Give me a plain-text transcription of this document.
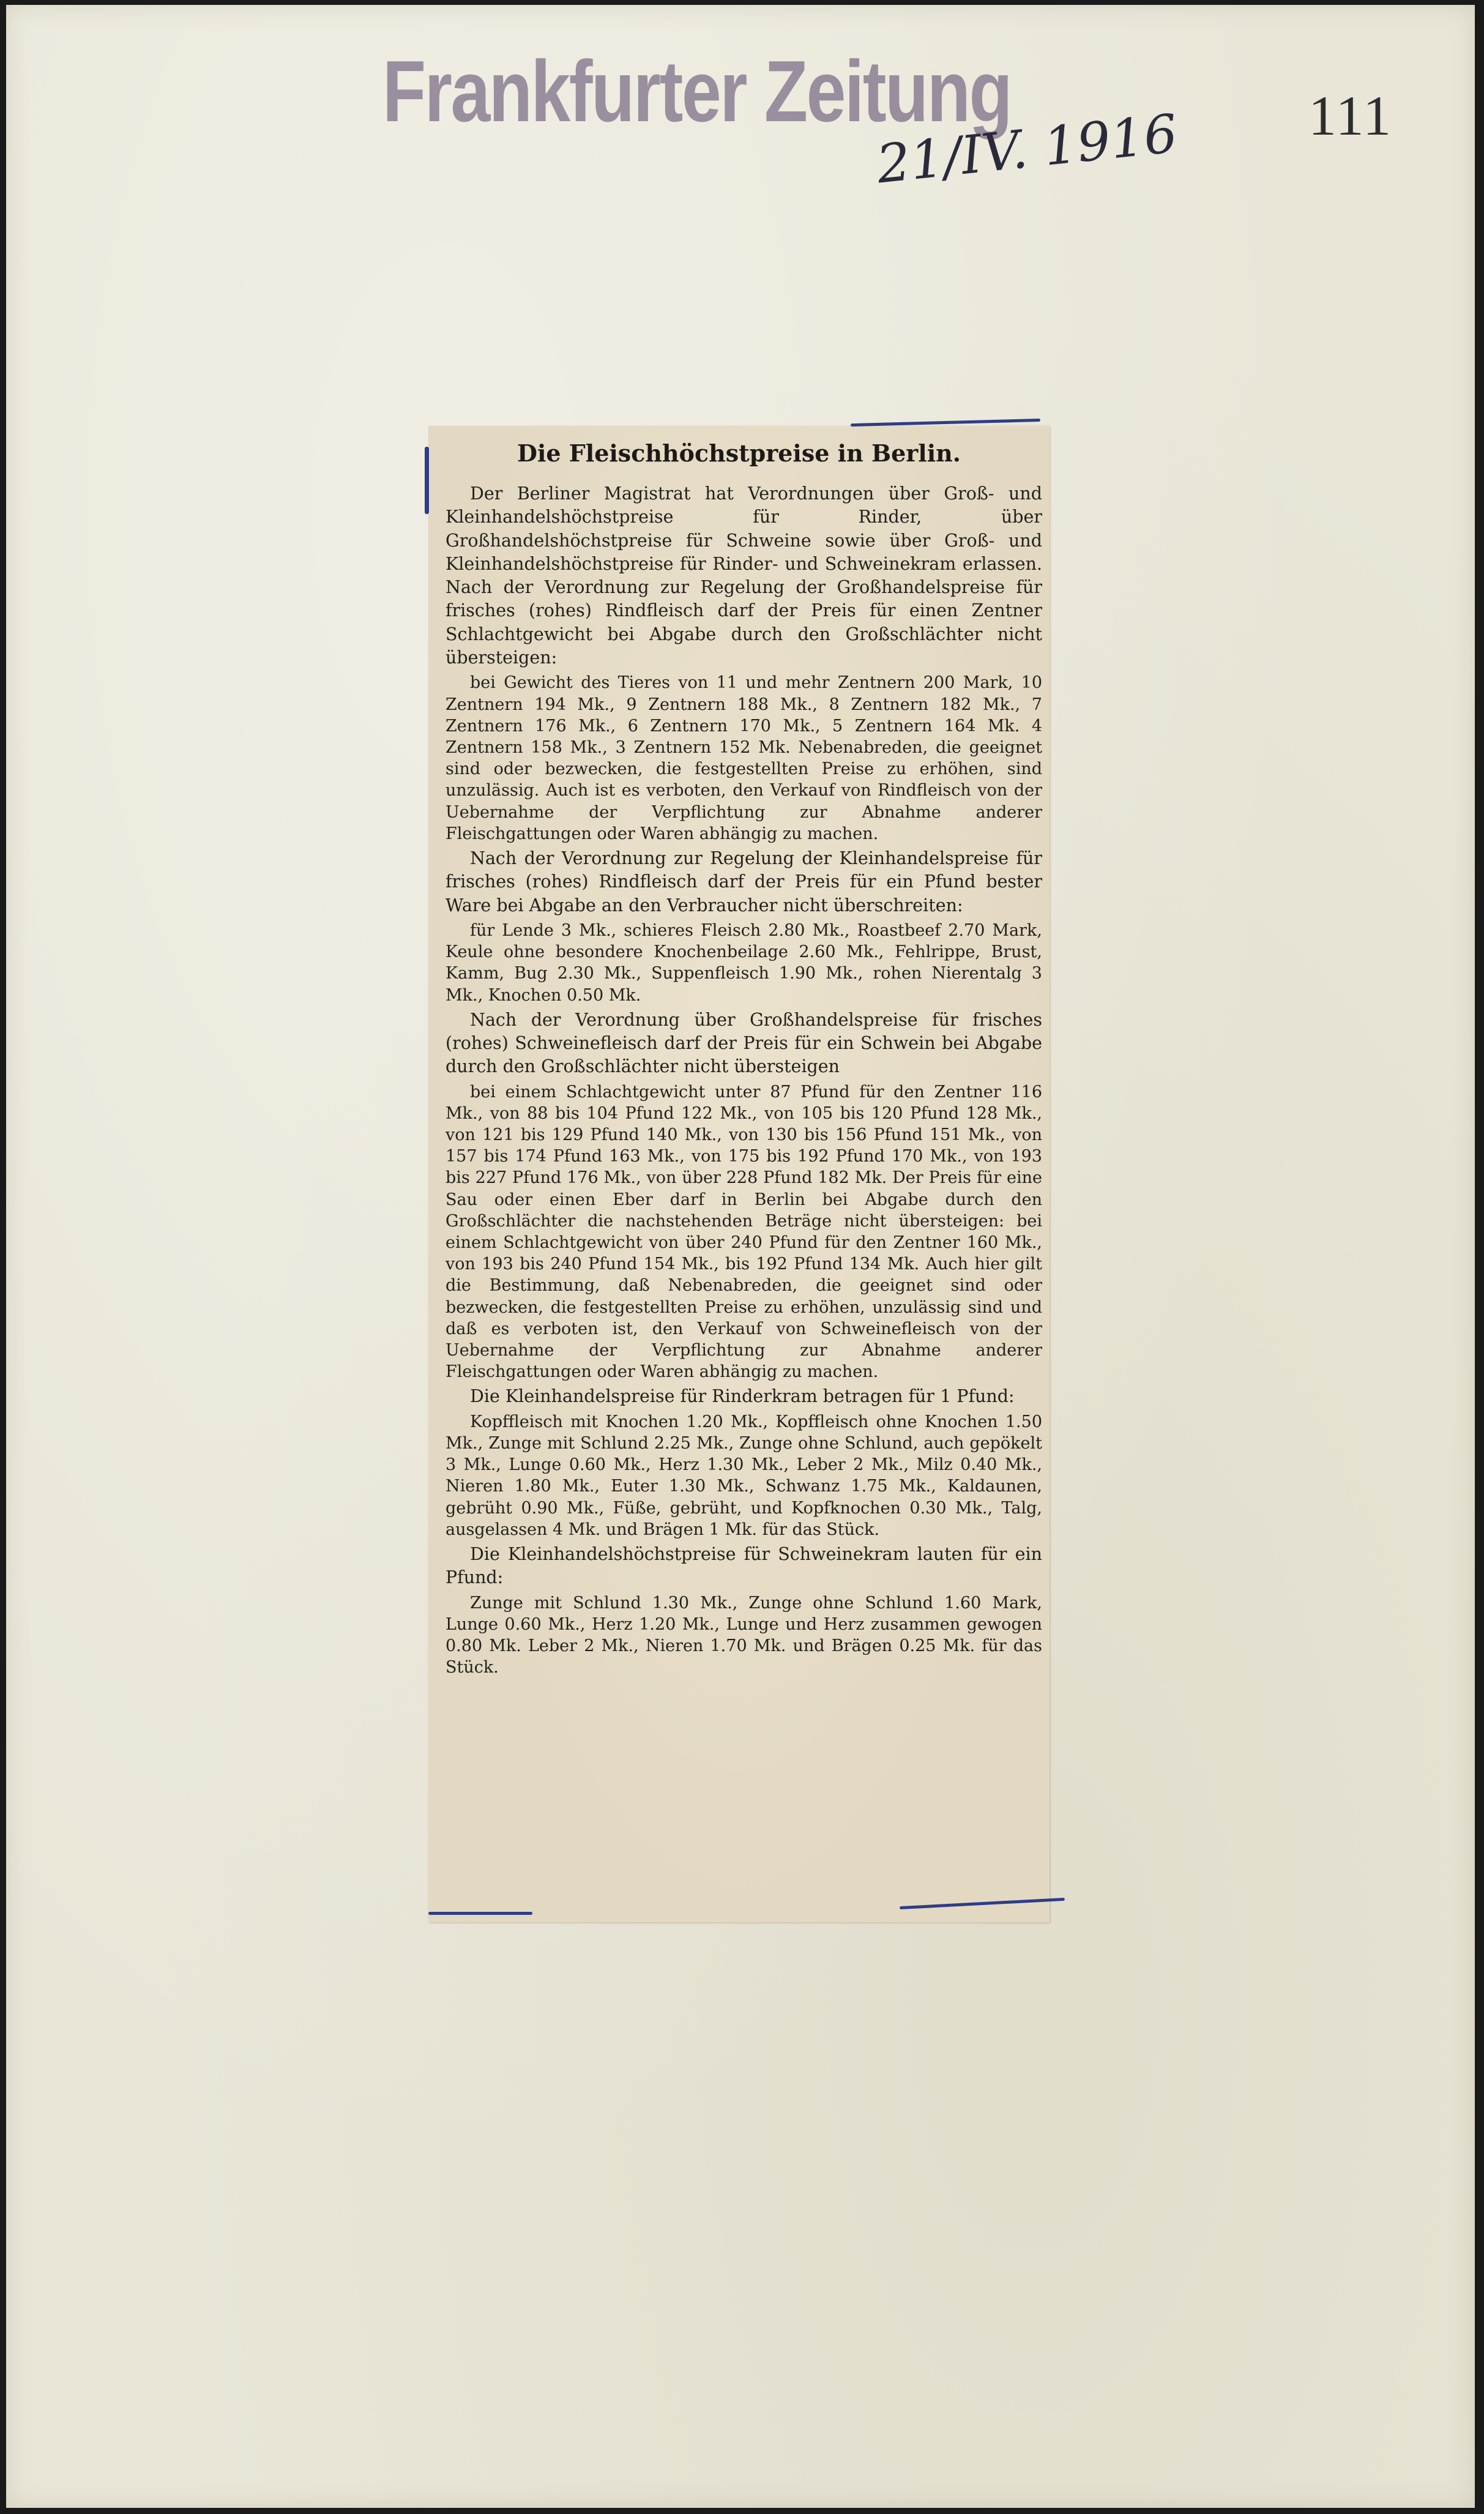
Frankfurter Zeitung	111
21/IV. 1916
Die Fleischhöchstpreise in Berlin.

Der Berliner Magistrat hat Verordnungen über Groß- und Kleinhandelshöchstpreise für Rinder, über Großhandelshöchstpreise für Schweine sowie über Groß- und Kleinhandelshöchstpreise für Rinder- und Schweinekram erlassen. Nach der Verordnung zur Regelung der Großhandelspreise für frisches (rohes) Rindfleisch darf der Preis für einen Zentner Schlachtgewicht bei Abgabe durch den Großschlächter nicht übersteigen:

bei Gewicht des Tieres von 11 und mehr Zentnern 200 Mark, 10 Zentnern 194 Mk., 9 Zentnern 188 Mk., 8 Zentnern 182 Mk., 7 Zentnern 176 Mk., 6 Zentnern 170 Mk., 5 Zentnern 164 Mk. 4 Zentnern 158 Mk., 3 Zentnern 152 Mk. Nebenabreden, die geeignet sind oder bezwecken, die festgestellten Preise zu erhöhen, sind unzulässig. Auch ist es verboten, den Verkauf von Rindfleisch von der Uebernahme der Verpflichtung zur Abnahme anderer Fleischgattungen oder Waren abhängig zu machen.

Nach der Verordnung zur Regelung der Kleinhandelspreise für frisches (rohes) Rindfleisch darf der Preis für ein Pfund bester Ware bei Abgabe an den Verbraucher nicht überschreiten:

für Lende 3 Mk., schieres Fleisch 2.80 Mk., Roastbeef 2.70 Mark, Keule ohne besondere Knochenbeilage 2.60 Mk., Fehlrippe, Brust, Kamm, Bug 2.30 Mk., Suppenfleisch 1.90 Mk., rohen Nierentalg 3 Mk., Knochen 0.50 Mk.

Nach der Verordnung über Großhandelspreise für frisches (rohes) Schweinefleisch darf der Preis für ein Schwein bei Abgabe durch den Großschlächter nicht übersteigen

bei einem Schlachtgewicht unter 87 Pfund für den Zentner 116 Mk., von 88 bis 104 Pfund 122 Mk., von 105 bis 120 Pfund 128 Mk., von 121 bis 129 Pfund 140 Mk., von 130 bis 156 Pfund 151 Mk., von 157 bis 174 Pfund 163 Mk., von 175 bis 192 Pfund 170 Mk., von 193 bis 227 Pfund 176 Mk., von über 228 Pfund 182 Mk. Der Preis für eine Sau oder einen Eber darf in Berlin bei Abgabe durch den Großschlächter die nachstehenden Beträge nicht übersteigen: bei einem Schlachtgewicht von über 240 Pfund für den Zentner 160 Mk., von 193 bis 240 Pfund 154 Mk., bis 192 Pfund 134 Mk. Auch hier gilt die Bestimmung, daß Nebenabreden, die geeignet sind oder bezwecken, die festgestellten Preise zu erhöhen, unzulässig sind und daß es verboten ist, den Verkauf von Schweinefleisch von der Uebernahme der Verpflichtung zur Abnahme anderer Fleischgattungen oder Waren abhängig zu machen.

Die Kleinhandelspreise für Rinderkram betragen für 1 Pfund:

Kopffleisch mit Knochen 1.20 Mk., Kopffleisch ohne Knochen 1.50 Mk., Zunge mit Schlund 2.25 Mk., Zunge ohne Schlund, auch gepökelt 3 Mk., Lunge 0.60 Mk., Herz 1.30 Mk., Leber 2 Mk., Milz 0.40 Mk., Nieren 1.80 Mk., Euter 1.30 Mk., Schwanz 1.75 Mk., Kaldaunen, gebrüht 0.90 Mk., Füße, gebrüht, und Kopfknochen 0.30 Mk., Talg, ausgelassen 4 Mk. und Brägen 1 Mk. für das Stück.

Die Kleinhandelshöchstpreise für Schweinekram lauten für ein Pfund:

Zunge mit Schlund 1.30 Mk., Zunge ohne Schlund 1.60 Mark, Lunge 0.60 Mk., Herz 1.20 Mk., Lunge und Herz zusammen gewogen 0.80 Mk. Leber 2 Mk., Nieren 1.70 Mk. und Brägen 0.25 Mk. für das Stück.
